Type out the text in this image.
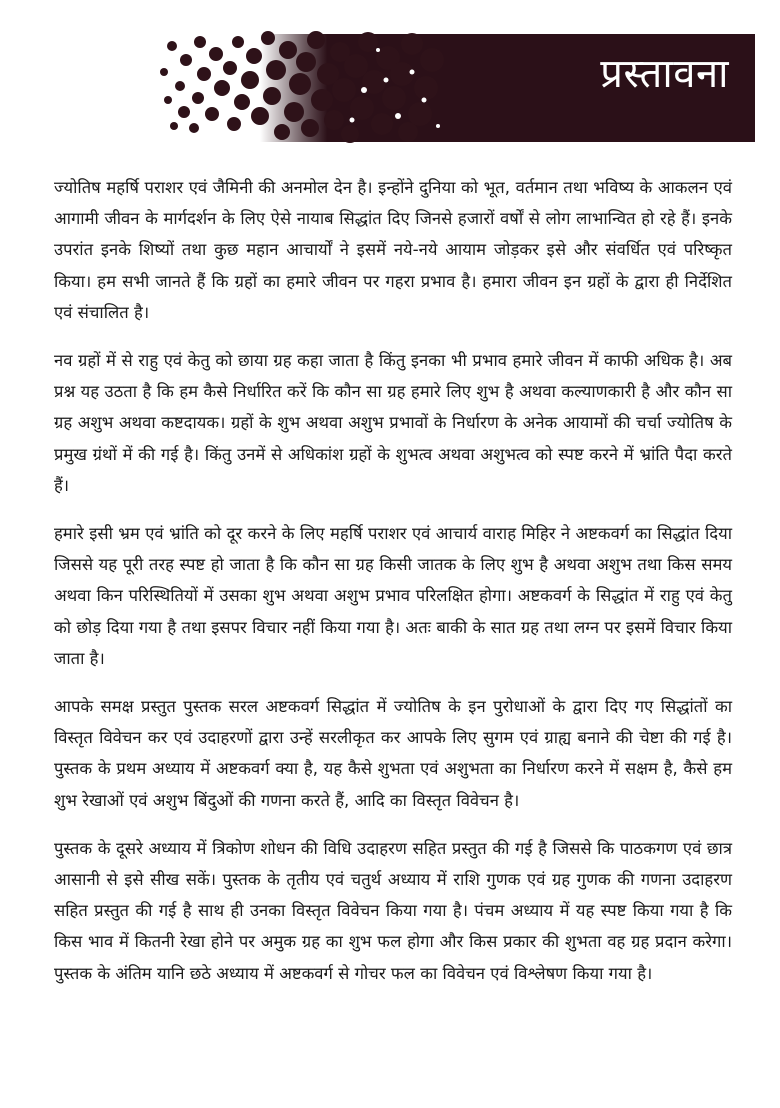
प्रस्तावना

ज्योतिष महर्षि पराशर एवं जैमिनी की अनमोल देन है। इन्होंने दुनिया को भूत, वर्तमान तथा भविष्य के आकलन एवं आगामी जीवन के मार्गदर्शन के लिए ऐसे नायाब सिद्धांत दिए जिनसे हजारों वर्षों से लोग लाभान्वित हो रहे हैं। इनके उपरांत इनके शिष्यों तथा कुछ महान आचार्यों ने इसमें नये-नये आयाम जोड़कर इसे और संवर्धित एवं परिष्कृत किया। हम सभी जानते हैं कि ग्रहों का हमारे जीवन पर गहरा प्रभाव है। हमारा जीवन इन ग्रहों के द्वारा ही निर्देशित एवं संचालित है।

नव ग्रहों में से राहु एवं केतु को छाया ग्रह कहा जाता है किंतु इनका भी प्रभाव हमारे जीवन में काफी अधिक है। अब प्रश्न यह उठता है कि हम कैसे निर्धारित करें कि कौन सा ग्रह हमारे लिए शुभ है अथवा कल्याणकारी है और कौन सा ग्रह अशुभ अथवा कष्टदायक। ग्रहों के शुभ अथवा अशुभ प्रभावों के निर्धारण के अनेक आयामों की चर्चा ज्योतिष के प्रमुख ग्रंथों में की गई है। किंतु उनमें से अधिकांश ग्रहों के शुभत्व अथवा अशुभत्व को स्पष्ट करने में भ्रांति पैदा करते हैं।

हमारे इसी भ्रम एवं भ्रांति को दूर करने के लिए महर्षि पराशर एवं आचार्य वाराह मिहिर ने अष्टकवर्ग का सिद्धांत दिया जिससे यह पूरी तरह स्पष्ट हो जाता है कि कौन सा ग्रह किसी जातक के लिए शुभ है अथवा अशुभ तथा किस समय अथवा किन परिस्थितियों में उसका शुभ अथवा अशुभ प्रभाव परिलक्षित होगा। अष्टकवर्ग के सिद्धांत में राहु एवं केतु को छोड़ दिया गया है तथा इसपर विचार नहीं किया गया है। अतः बाकी के सात ग्रह तथा लग्न पर इसमें विचार किया जाता है।

आपके समक्ष प्रस्तुत पुस्तक सरल अष्टकवर्ग सिद्धांत में ज्योतिष के इन पुरोधाओं के द्वारा दिए गए सिद्धांतों का विस्तृत विवेचन कर एवं उदाहरणों द्वारा उन्हें सरलीकृत कर आपके लिए सुगम एवं ग्राह्य बनाने की चेष्टा की गई है। पुस्तक के प्रथम अध्याय में अष्टकवर्ग क्या है, यह कैसे शुभता एवं अशुभता का निर्धारण करने में सक्षम है, कैसे हम शुभ रेखाओं एवं अशुभ बिंदुओं की गणना करते हैं, आदि का विस्तृत विवेचन है।

पुस्तक के दूसरे अध्याय में त्रिकोण शोधन की विधि उदाहरण सहित प्रस्तुत की गई है जिससे कि पाठकगण एवं छात्र आसानी से इसे सीख सकें। पुस्तक के तृतीय एवं चतुर्थ अध्याय में राशि गुणक एवं ग्रह गुणक की गणना उदाहरण सहित प्रस्तुत की गई है साथ ही उनका विस्तृत विवेचन किया गया है। पंचम अध्याय में यह स्पष्ट किया गया है कि किस भाव में कितनी रेखा होने पर अमुक ग्रह का शुभ फल होगा और किस प्रकार की शुभता वह ग्रह प्रदान करेगा। पुस्तक के अंतिम यानि छठे अध्याय में अष्टकवर्ग से गोचर फल का विवेचन एवं विश्लेषण किया गया है।
